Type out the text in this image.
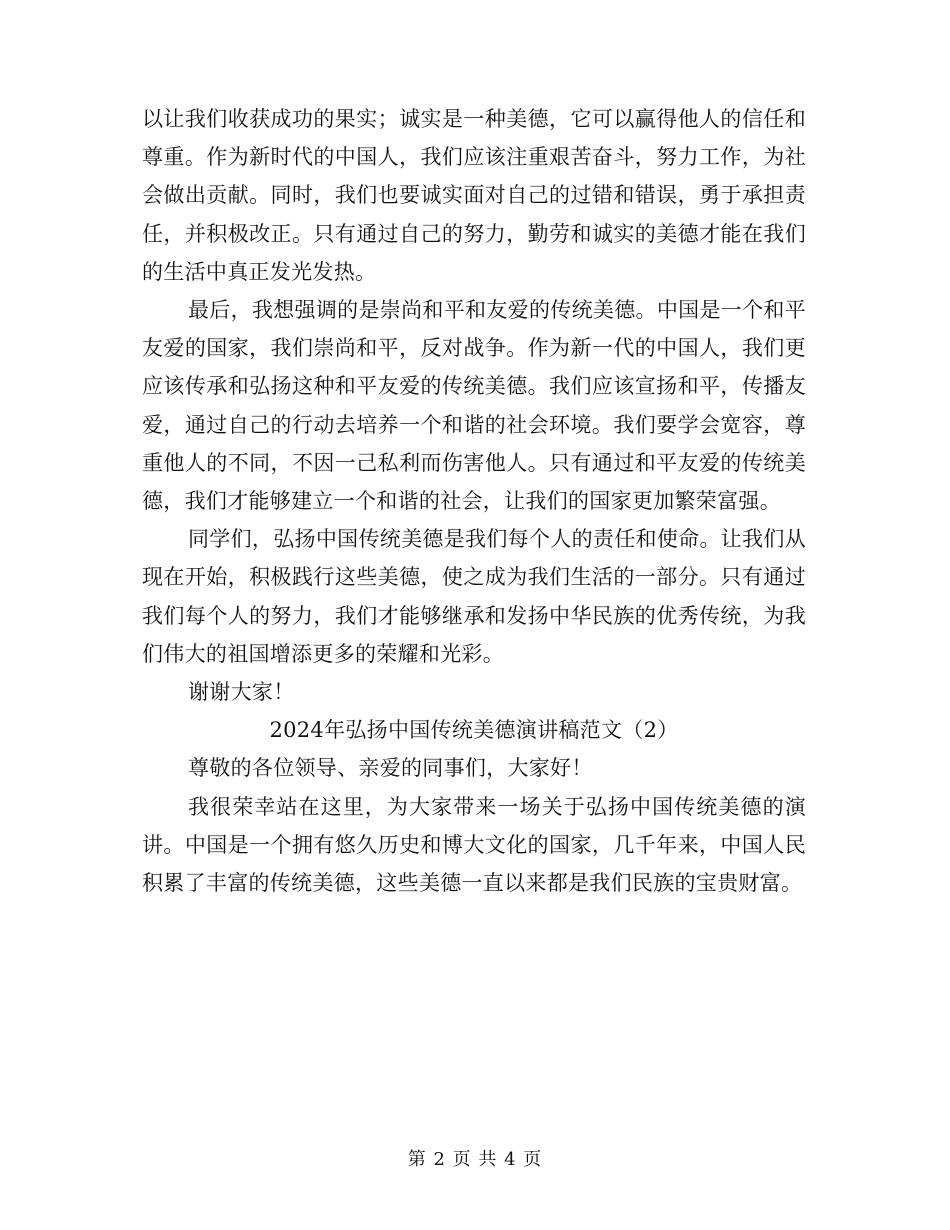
以让我们收获成功的果实；诚实是一种美德，它可以赢得他人的信任和尊重。作为新时代的中国人，我们应该注重艰苦奋斗，努力工作，为社会做出贡献。同时，我们也要诚实面对自己的过错和错误，勇于承担责任，并积极改正。只有通过自己的努力，勤劳和诚实的美德才能在我们的生活中真正发光发热。

最后，我想强调的是崇尚和平和友爱的传统美德。中国是一个和平友爱的国家，我们崇尚和平，反对战争。作为新一代的中国人，我们更应该传承和弘扬这种和平友爱的传统美德。我们应该宣扬和平，传播友爱，通过自己的行动去培养一个和谐的社会环境。我们要学会宽容，尊重他人的不同，不因一己私利而伤害他人。只有通过和平友爱的传统美德，我们才能够建立一个和谐的社会，让我们的国家更加繁荣富强。

同学们，弘扬中国传统美德是我们每个人的责任和使命。让我们从现在开始，积极践行这些美德，使之成为我们生活的一部分。只有通过我们每个人的努力，我们才能够继承和发扬中华民族的优秀传统，为我们伟大的祖国增添更多的荣耀和光彩。

谢谢大家！

2024年弘扬中国传统美德演讲稿范文（2）

尊敬的各位领导、亲爱的同事们，大家好！

我很荣幸站在这里，为大家带来一场关于弘扬中国传统美德的演讲。中国是一个拥有悠久历史和博大文化的国家，几千年来，中国人民积累了丰富的传统美德，这些美德一直以来都是我们民族的宝贵财富。

第 2 页 共 4 页
